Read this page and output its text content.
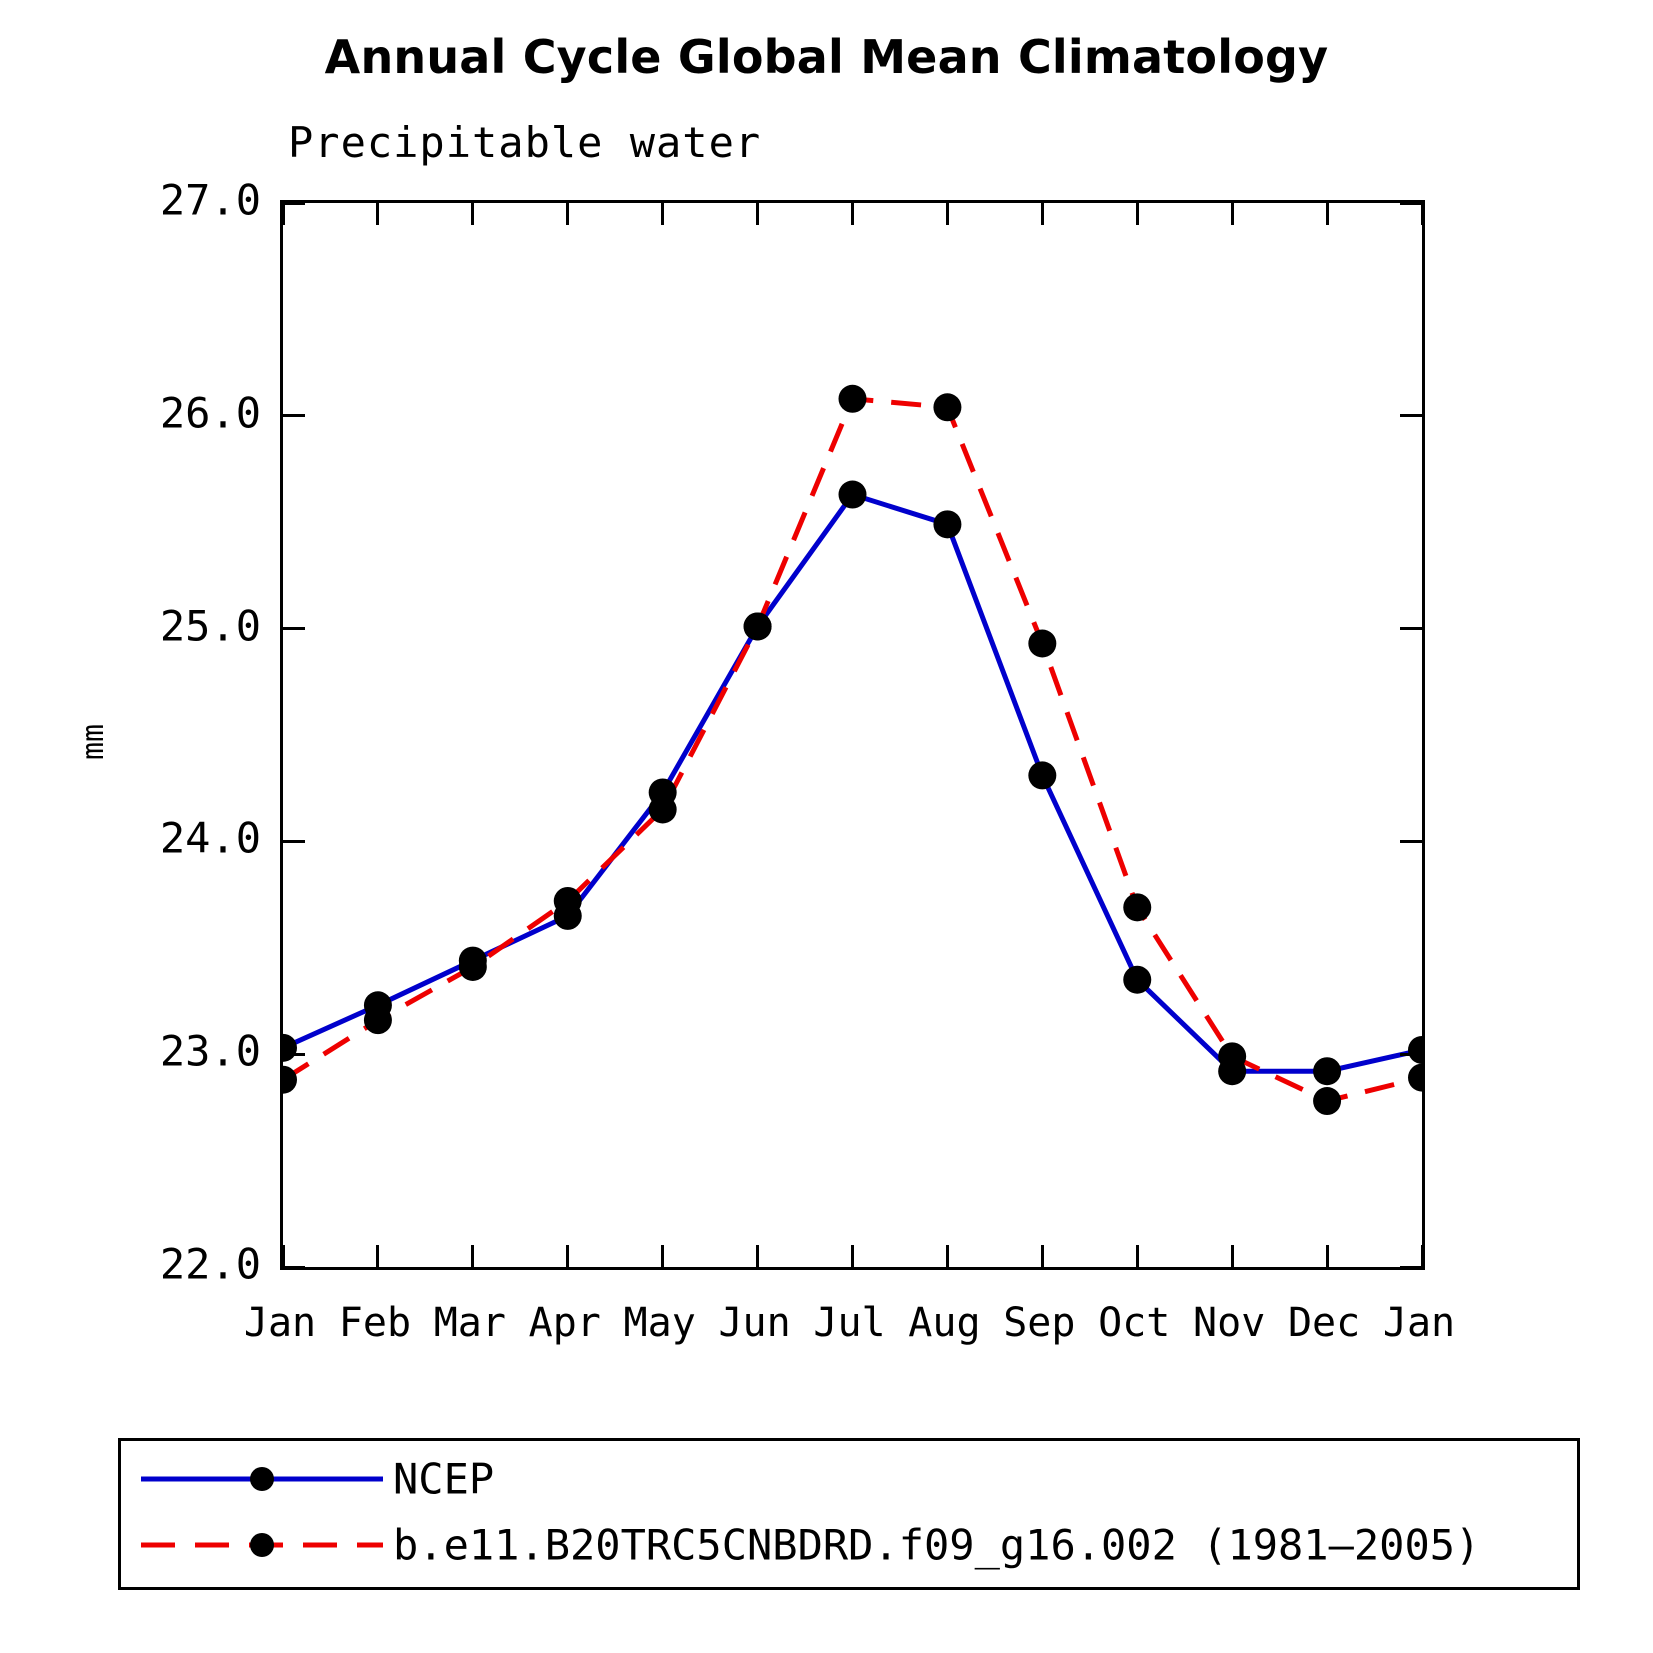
Annual Cycle Global Mean Climatology
Precipitable water
mm
NCEP
b.e11.B20TRC5CNBDRD.f09_g16.002 (1981–2005)
Jan Feb Mar Apr May Jun Jul Aug Sep Oct Nov Dec Jan
22.0
23.0
24.0
25.0
26.0
27.0
